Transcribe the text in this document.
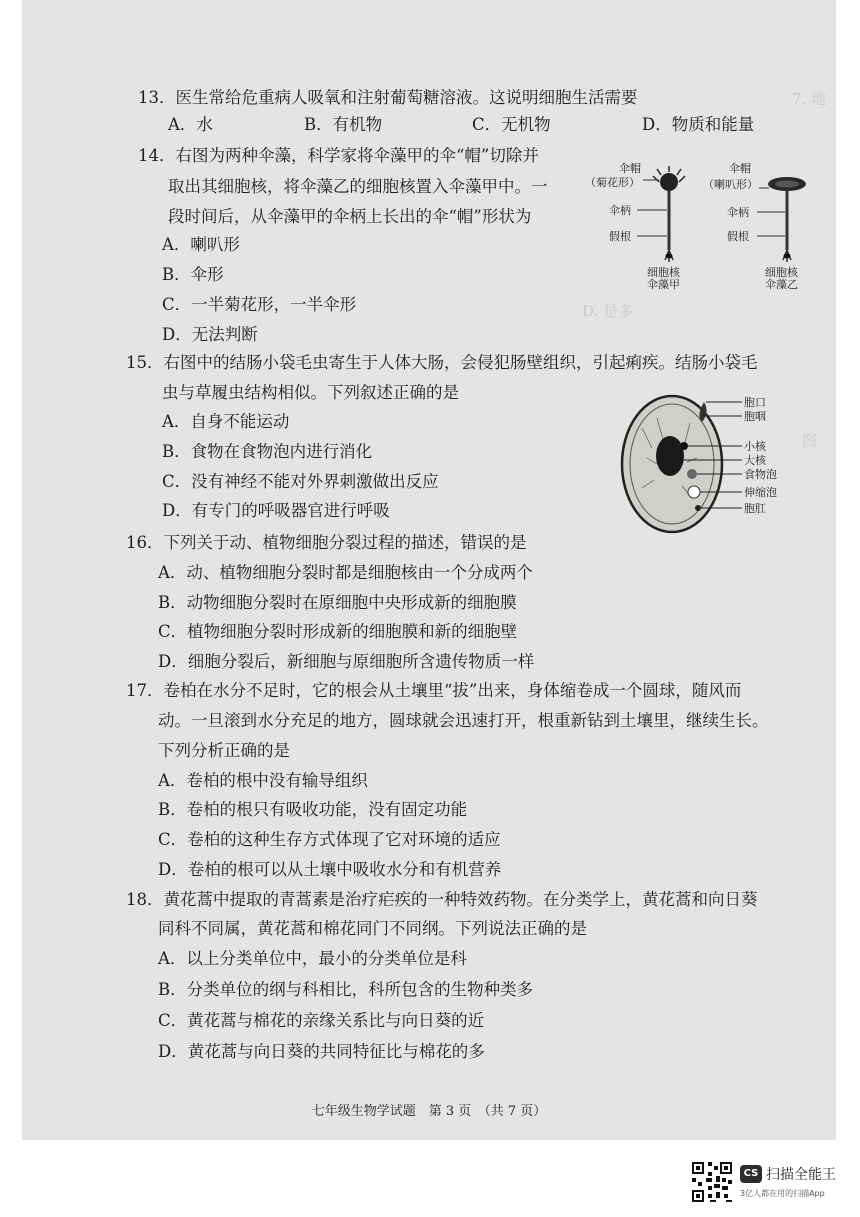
7. 地
D. 是多
图
13．医生常给危重病人吸氧和注射葡萄糖溶液。这说明细胞生活需要
A．水	B．有机物	C．无机物	D．物质和能量
14．右图为两种伞藻，科学家将伞藻甲的伞“帽”切除并
取出其细胞核，将伞藻乙的细胞核置入伞藻甲中。一
段时间后，从伞藻甲的伞柄上长出的伞“帽”形状为
A．喇叭形
B．伞形
C．一半菊花形，一半伞形
D．无法判断
伞帽
（菊花形）
伞柄
假根
细胞核
伞藻甲
伞帽
（喇叭形）
伞柄
假根
细胞核
伞藻乙
15．右图中的结肠小袋毛虫寄生于人体大肠，会侵犯肠壁组织，引起痢疾。结肠小袋毛
虫与草履虫结构相似。下列叙述正确的是
A．自身不能运动
B．食物在食物泡内进行消化
C．没有神经不能对外界刺激做出反应
D．有专门的呼吸器官进行呼吸
胞口
胞咽
小核
大核
食物泡
伸缩泡
胞肛
16．下列关于动、植物细胞分裂过程的描述，错误的是
A．动、植物细胞分裂时都是细胞核由一个分成两个
B．动物细胞分裂时在原细胞中央形成新的细胞膜
C．植物细胞分裂时形成新的细胞膜和新的细胞壁
D．细胞分裂后，新细胞与原细胞所含遗传物质一样
17．卷柏在水分不足时，它的根会从土壤里“拔”出来，身体缩卷成一个圆球，随风而
动。一旦滚到水分充足的地方，圆球就会迅速打开，根重新钻到土壤里，继续生长。
下列分析正确的是
A．卷柏的根中没有输导组织
B．卷柏的根只有吸收功能，没有固定功能
C．卷柏的这种生存方式体现了它对环境的适应
D．卷柏的根可以从土壤中吸收水分和有机营养
18．黄花蒿中提取的青蒿素是治疗疟疾的一种特效药物。在分类学上，黄花蒿和向日葵
同科不同属，黄花蒿和棉花同门不同纲。下列说法正确的是
A．以上分类单位中，最小的分类单位是科
B．分类单位的纲与科相比，科所包含的生物种类多
C．黄花蒿与棉花的亲缘关系比与向日葵的近
D．黄花蒿与向日葵的共同特征比与棉花的多
七年级生物学试题　第 3 页　（共 7 页）
CS 扫描全能王
3亿人都在用的扫描App
